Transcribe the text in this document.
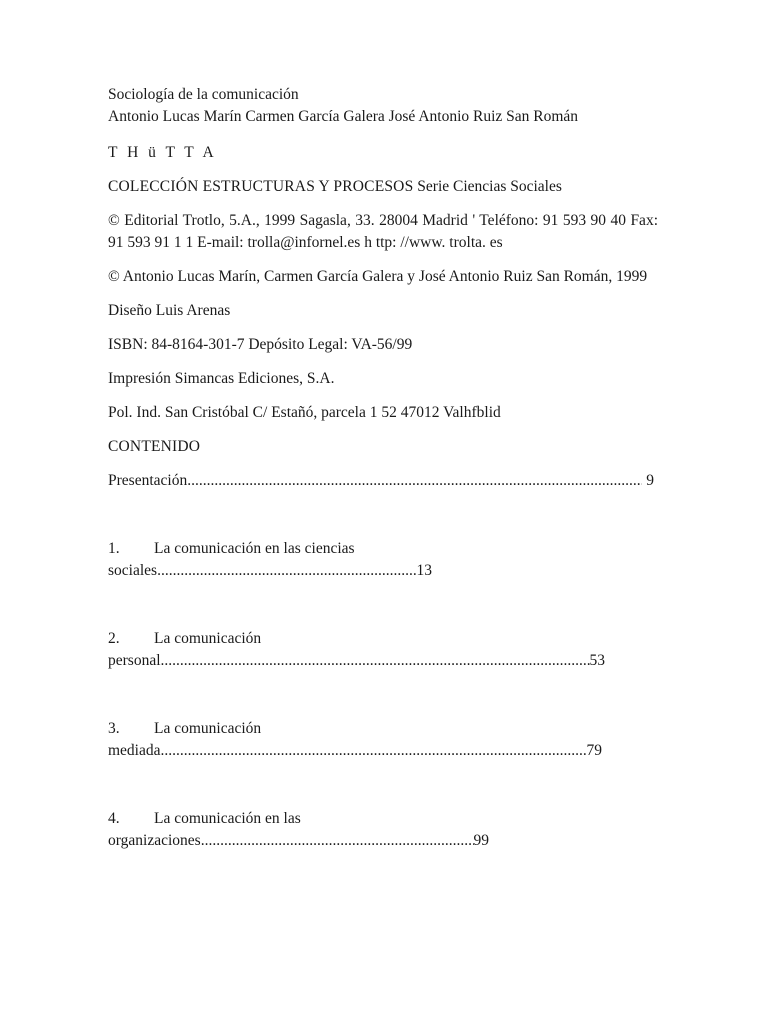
Sociología de la comunicación
Antonio Lucas Marín Carmen García Galera José Antonio Ruiz San Román
T H ü T T A
COLECCIÓN ESTRUCTURAS Y PROCESOS Serie Ciencias Sociales

© Editorial Trotlo, 5.A., 1999 Sagasla, 33. 28004 Madrid ' Teléfono: 91 593 90 40 Fax: 91 593 91 1 1 E-mail: trolla@infornel.es h ttp: //www. trolta. es

© Antonio Lucas Marín, Carmen García Galera y José Antonio Ruiz San Román, 1999

Diseño Luis Arenas
ISBN: 84-8164-301-7 Depósito Legal: VA-56/99
Impresión Simancas Ediciones, S.A.
Pol. Ind. San Cristóbal C/ Estañó, parcela 1 52 47012 Valhfblid
CONTENIDO
Presentación .....	9
1. La comunicación en las ciencias
sociales .....	13
2. La comunicación
personal .....	53
3. La comunicación
mediada .....	79
4. La comunicación en las
organizaciones .....	99
